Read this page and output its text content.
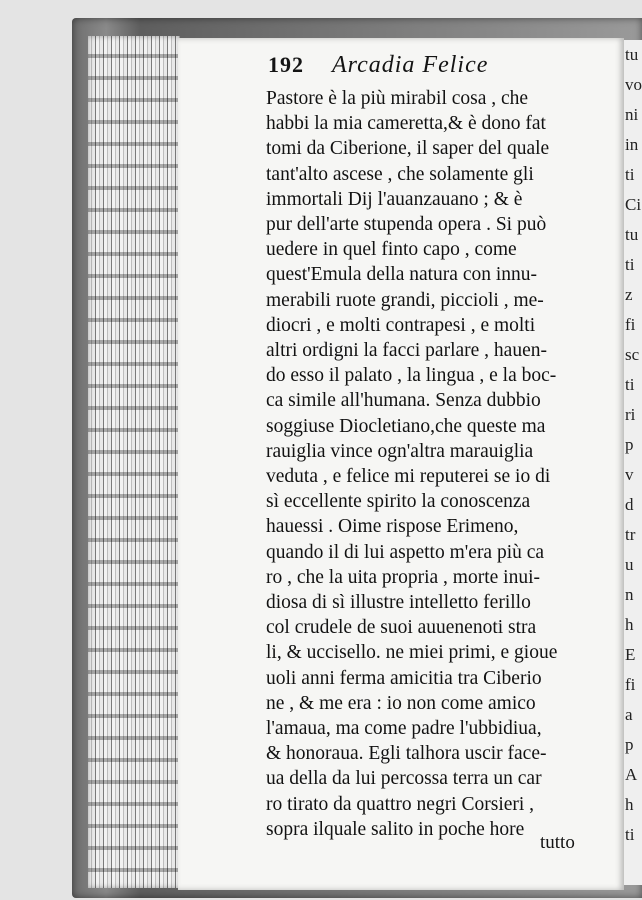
tu
vo
ni
in
ti
Ci
tu
ti
z
fi
sc
ti
ri
p
v
d
tr
u
n
h
E
fi
a
p
A
h
ti
192 Arcadia Felice
Pastore è la più mirabil cosa , che
habbi la mia cameretta,& è dono fat
tomi da Ciberione, il saper del quale
tant'alto ascese , che solamente gli
immortali Dij l'auanzauano ; & è
pur dell'arte stupenda opera . Si può
uedere in quel finto capo , come
quest'Emula della natura con innu-
merabili ruote grandi, piccioli , me-
diocri , e molti contrapesi , e molti
altri ordigni la facci parlare , hauen-
do esso il palato , la lingua , e la boc-
ca simile all'humana. Senza dubbio
soggiuse Diocletiano,che queste ma
rauiglia vince ogn'altra marauiglia
veduta , e felice mi reputerei se io di
sì eccellente spirito la conoscenza
hauessi . Oime rispose Erimeno,
quando il di lui aspetto m'era più ca
ro , che la uita propria , morte inui-
diosa di sì illustre intelletto ferillo
col crudele de suoi auuenenoti stra
li, & uccisello. ne miei primi, e gioue
uoli anni ferma amicitia tra Ciberio
ne , & me era : io non come amico
l'amaua, ma come padre l'ubbidiua,
& honoraua. Egli talhora uscir face-
ua della da lui percossa terra un car
ro tirato da quattro negri Corsieri ,
sopra ilquale salito in poche hore
tutto
